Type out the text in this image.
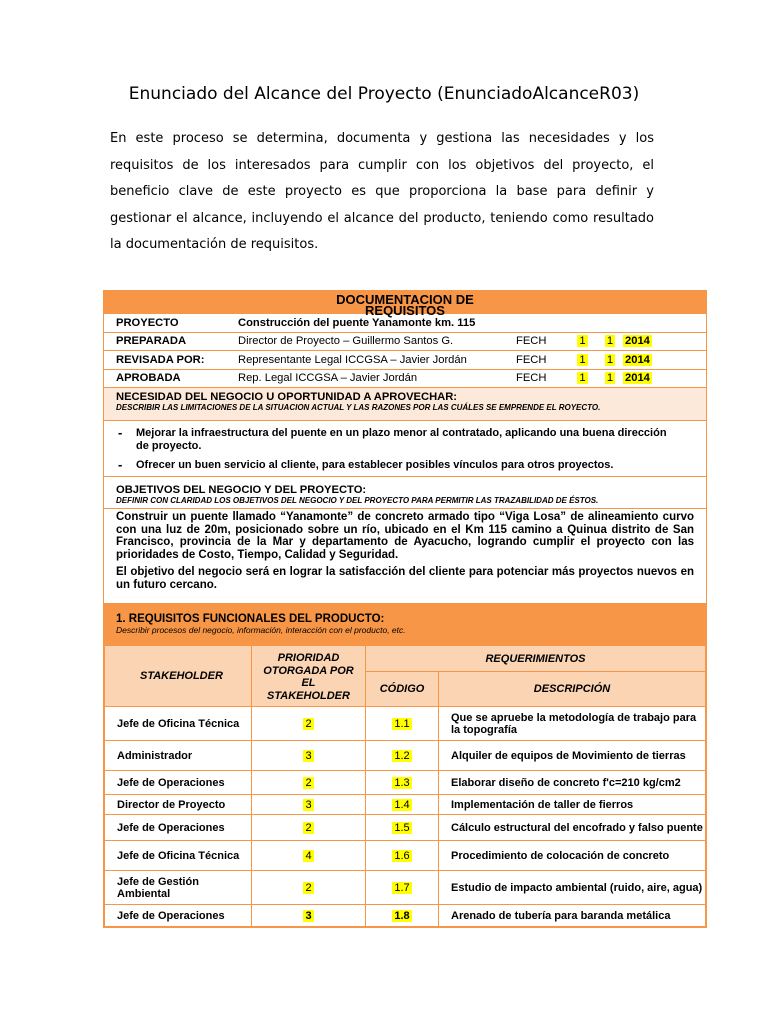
Enunciado del Alcance del Proyecto (EnunciadoAlcanceR03)

En este proceso se determina, documenta y gestiona las necesidades y los requisitos de los interesados para cumplir con los objetivos del proyecto, el beneficio clave de este proyecto es que proporciona la base para definir y gestionar el alcance, incluyendo el alcance del producto, teniendo como resultado la documentación de requisitos.

DOCUMENTACION DE
REQUISITOS
PROYECTO	Construcción del puente Yanamonte km. 115
PREPARADA	Director de Proyecto – Guillermo Santos G.	FECH	1	1	2014
REVISADA POR:	Representante Legal ICCGSA – Javier Jordán	FECH	1	1	2014
APROBADA	Rep. Legal ICCGSA – Javier Jordán	FECH	1	1	2014
NECESIDAD DEL NEGOCIO U OPORTUNIDAD A APROVECHAR:
DESCRIBIR LAS LIMITACIONES DE LA SITUACION ACTUAL Y LAS RAZONES POR LAS CUÁLES SE EMPRENDE EL ROYECTO.
-	Mejorar la infraestructura del puente en un plazo menor al contratado, aplicando una buena dirección de proyecto.
-	Ofrecer un buen servicio al cliente, para establecer posibles vínculos para otros proyectos.
OBJETIVOS DEL NEGOCIO Y DEL PROYECTO:
DEFINIR CON CLARIDAD LOS OBJETIVOS DEL NEGOCIO Y DEL PROYECTO PARA PERMITIR LAS TRAZABILIDAD DE ÉSTOS.

Construir un puente llamado “Yanamonte” de concreto armado tipo “Viga Losa” de alineamiento curvo con una luz de 20m, posicionado sobre un río, ubicado en el Km 115 camino a Quinua distrito de San Francisco, provincia de la Mar y departamento de Ayacucho, logrando cumplir el proyecto con las prioridades de Costo, Tiempo, Calidad y Seguridad.

El objetivo del negocio será en lograr la satisfacción del cliente para potenciar más proyectos nuevos en un futuro cercano.

1. REQUISITOS FUNCIONALES DEL PRODUCTO:
Describir procesos del negocio, información, interacción con el producto, etc.
STAKEHOLDER	PRIORIDAD OTORGADA POR EL STAKEHOLDER	REQUERIMIENTOS	
		CÓDIGO	DESCRIPCIÓN
Jefe de Oficina Técnica	2	1.1	Que se apruebe la metodología de trabajo para la topografía
Administrador	3	1.2	Alquiler de equipos de Movimiento de tierras
Jefe de Operaciones	2	1.3	Elaborar diseño de concreto f'c=210 kg/cm2
Director de Proyecto	3	1.4	Implementación de taller de fierros
Jefe de Operaciones	2	1.5	Cálculo estructural del encofrado y falso puente
Jefe de Oficina Técnica	4	1.6	Procedimiento de colocación de concreto
Jefe de Gestión Ambiental	2	1.7	Estudio de impacto ambiental (ruido, aire, agua)
Jefe de Operaciones	3	1.8	Arenado de tubería para baranda metálica
